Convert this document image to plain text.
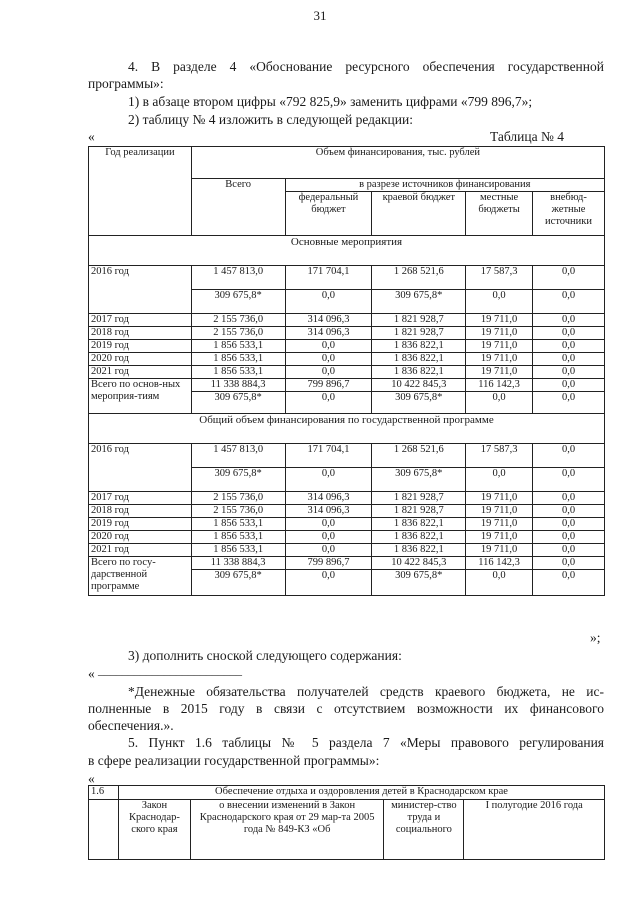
31
4. В разделе 4 «Обоснование ресурсного обеспечения государственной
программы»:
1) в абзаце втором цифры «792 825,9» заменить цифрами «799 896,7»;
2) таблицу № 4 изложить в следующей редакции:
«	Таблица № 4
Год реализации	Объем финансирования, тыс. рублей				
	Всего	в разрезе источников финансирования			
		федеральный бюджет	краевой бюджет	местные бюджеты	внебюд-жетные источники
Основные мероприятия					
2016 год	1 457 813,0	171 704,1	1 268 521,6	17 587,3	0,0
	309 675,8*	0,0	309 675,8*	0,0	0,0
2017 год	2 155 736,0	314 096,3	1 821 928,7	19 711,0	0,0
2018 год	2 155 736,0	314 096,3	1 821 928,7	19 711,0	0,0
2019 год	1 856 533,1	0,0	1 836 822,1	19 711,0	0,0
2020 год	1 856 533,1	0,0	1 836 822,1	19 711,0	0,0
2021 год	1 856 533,1	0,0	1 836 822,1	19 711,0	0,0
Всего по основ-ных мероприя-тиям	11 338 884,3	799 896,7	10 422 845,3	116 142,3	0,0
	309 675,8*	0,0	309 675,8*	0,0	0,0
Общий объем финансирования по государственной программе					
2016 год	1 457 813,0	171 704,1	1 268 521,6	17 587,3	0,0
	309 675,8*	0,0	309 675,8*	0,0	0,0
2017 год	2 155 736,0	314 096,3	1 821 928,7	19 711,0	0,0
2018 год	2 155 736,0	314 096,3	1 821 928,7	19 711,0	0,0
2019 год	1 856 533,1	0,0	1 836 822,1	19 711,0	0,0
2020 год	1 856 533,1	0,0	1 836 822,1	19 711,0	0,0
2021 год	1 856 533,1	0,0	1 836 822,1	19 711,0	0,0
Всего по госу-дарственной программе	11 338 884,3	799 896,7	10 422 845,3	116 142,3	0,0
	309 675,8*	0,0	309 675,8*	0,0	0,0
»;
3) дополнить сноской следующего содержания:
« ________________________
*Денежные обязательства получателей средств краевого бюджета, не ис-
полненные в 2015 году в связи с отсутствием возможности их финансового
обеспечения.».
5. Пункт 1.6 таблицы № 5 раздела 7 «Меры правового регулирования
в сфере реализации государственной программы»:
«
1.6	Обеспечение отдыха и оздоровления детей в Краснодарском крае			
	Закон Краснодар-ского края	о внесении изменений в Закон Краснодарского края от 29 мар-та 2005 года № 849-КЗ «Об	министер-ство труда и социального	I полугодие 2016 года
